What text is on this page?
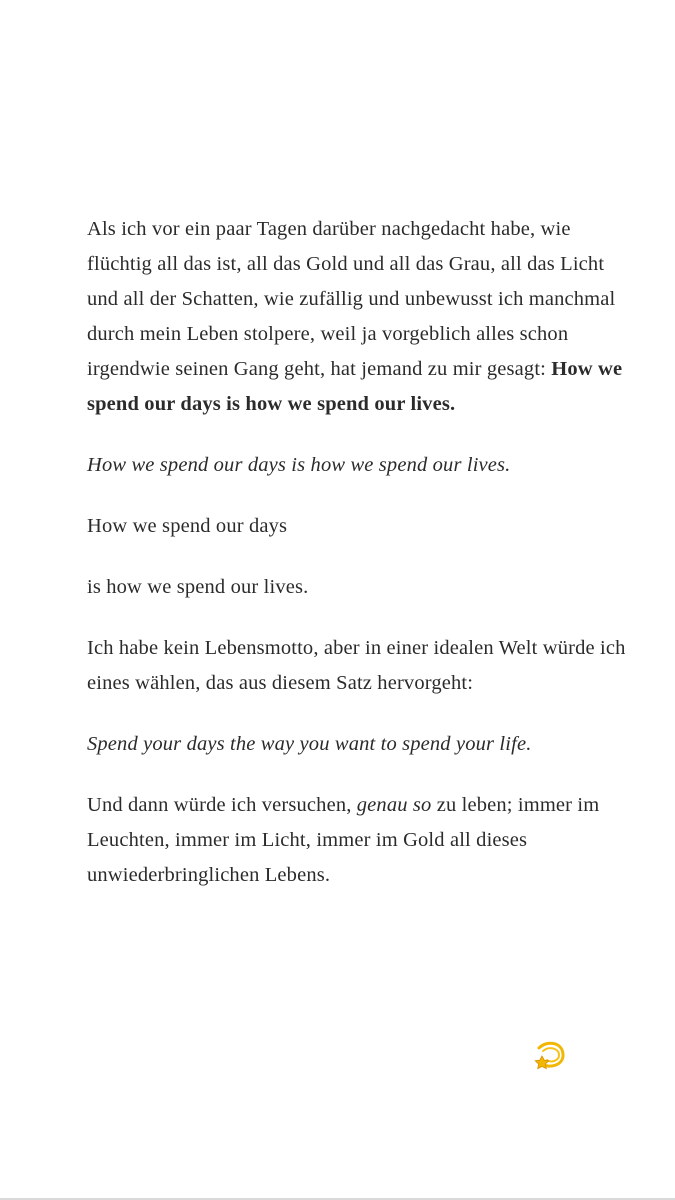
Als ich vor ein paar Tagen darüber nachgedacht habe, wie flüchtig all das ist, all das Gold und all das Grau, all das Licht und all der Schatten, wie zufällig und unbewusst ich manchmal durch mein Leben stolpere, weil ja vorgeblich alles schon irgendwie seinen Gang geht, hat jemand zu mir gesagt: How we spend our days is how we spend our lives.

How we spend our days is how we spend our lives.

How we spend our days

is how we spend our lives.

Ich habe kein Lebensmotto, aber in einer idealen Welt würde ich eines wählen, das aus diesem Satz hervorgeht:

Spend your days the way you want to spend your life.

Und dann würde ich versuchen, genau so zu leben; immer im Leuchten, immer im Licht, immer im Gold all dieses unwiederbringlichen Lebens.
